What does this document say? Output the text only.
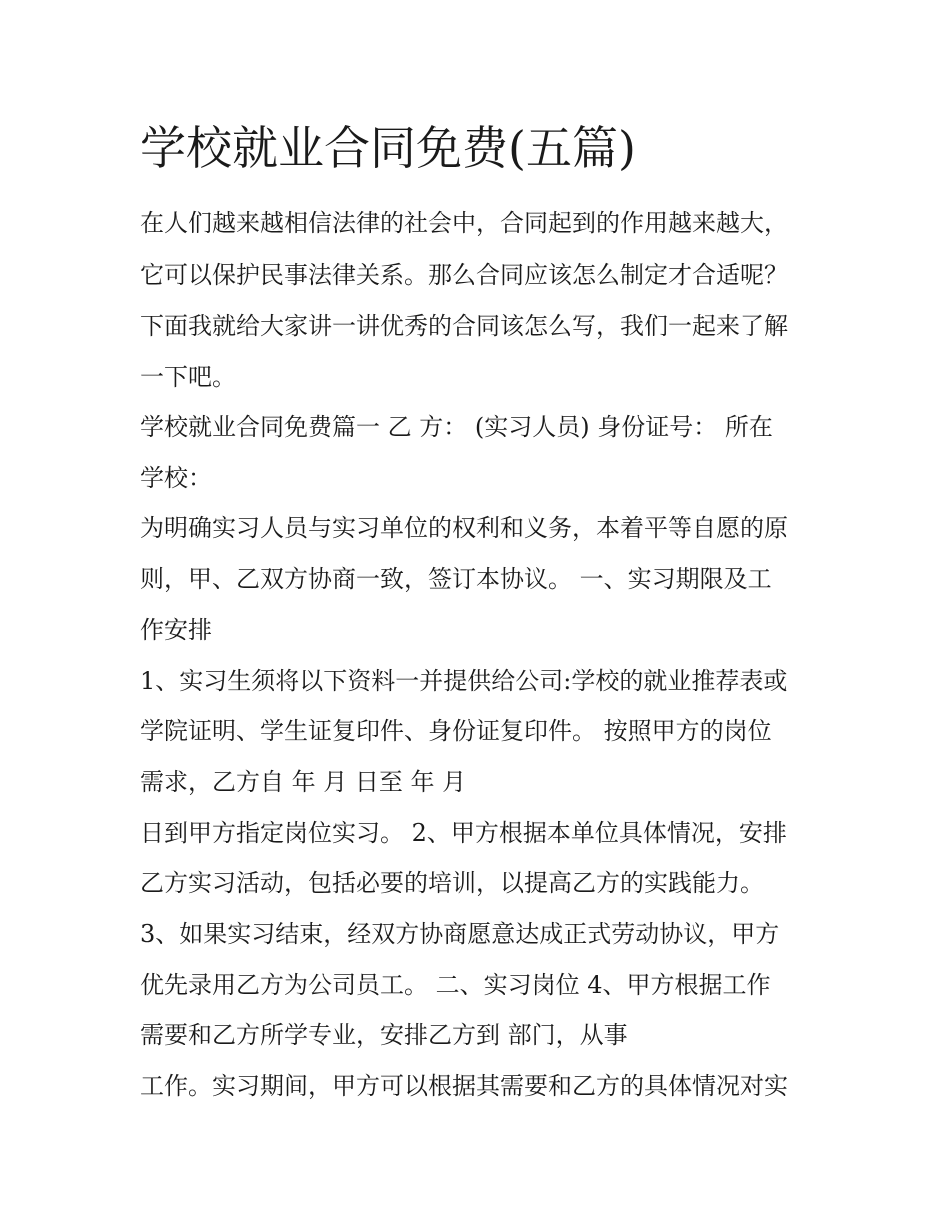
学校就业合同免费(五篇)

在人们越来越相信法律的社会中，合同起到的作用越来越大，

它可以保护民事法律关系。那么合同应该怎么制定才合适呢？

下面我就给大家讲一讲优秀的合同该怎么写，我们一起来了解

一下吧。

学校就业合同免费篇一 乙 方： (实习人员) 身份证号： 所在

学校：

为明确实习人员与实习单位的权利和义务，本着平等自愿的原

则，甲、乙双方协商一致，签订本协议。 一、实习期限及工

作安排

1、实习生须将以下资料一并提供给公司:学校的就业推荐表或

学院证明、学生证复印件、身份证复印件。 按照甲方的岗位

需求，乙方自 年 月 日至 年 月

日到甲方指定岗位实习。 2、甲方根据本单位具体情况，安排

乙方实习活动，包括必要的培训，以提高乙方的实践能力。

3、如果实习结束，经双方协商愿意达成正式劳动协议，甲方

优先录用乙方为公司员工。 二、实习岗位 4、甲方根据工作

需要和乙方所学专业，安排乙方到 部门，从事

工作。实习期间，甲方可以根据其需要和乙方的具体情况对实
